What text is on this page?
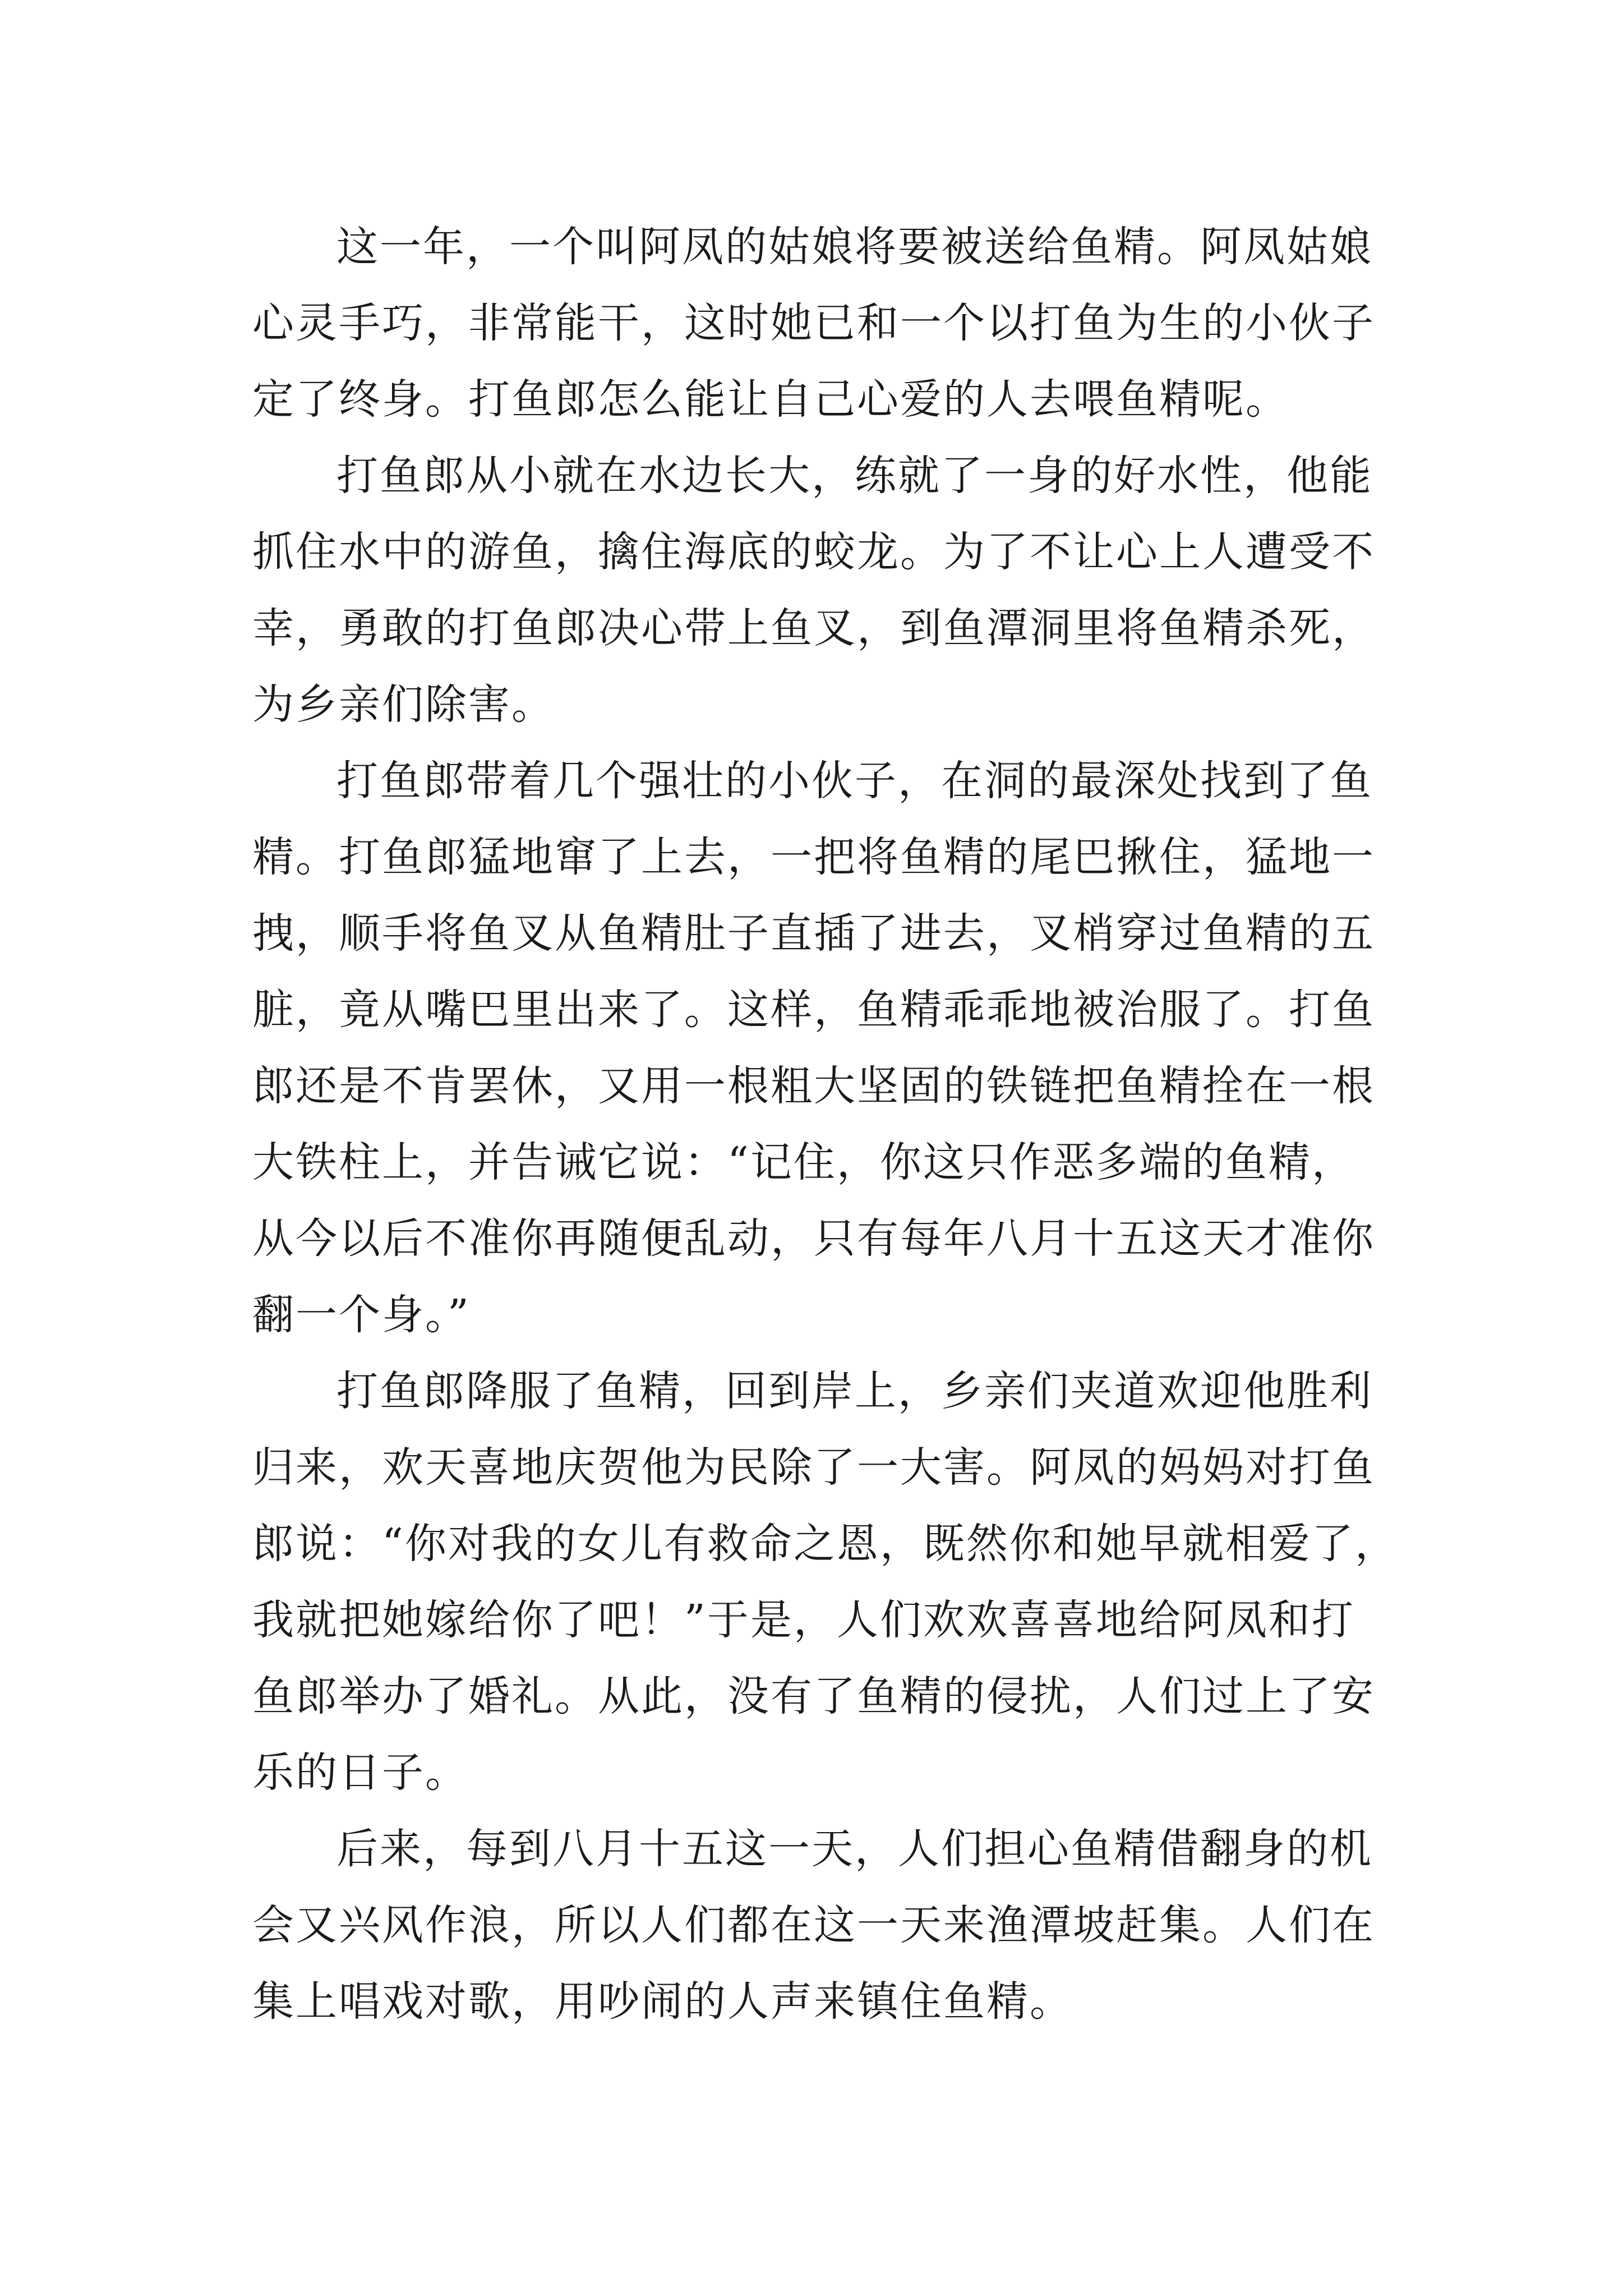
这一年，一个叫阿凤的姑娘将要被送给鱼精。阿凤姑娘
心灵手巧，非常能干，这时她已和一个以打鱼为生的小伙子
定了终身。打鱼郎怎么能让自己心爱的人去喂鱼精呢。

打鱼郎从小就在水边长大，练就了一身的好水性，他能
抓住水中的游鱼，擒住海底的蛟龙。为了不让心上人遭受不
幸，勇敢的打鱼郎决心带上鱼叉，到鱼潭洞里将鱼精杀死，
为乡亲们除害。

打鱼郎带着几个强壮的小伙子，在洞的最深处找到了鱼
精。打鱼郎猛地窜了上去，一把将鱼精的尾巴揪住，猛地一
拽，顺手将鱼叉从鱼精肚子直插了进去，叉梢穿过鱼精的五
脏，竟从嘴巴里出来了。这样，鱼精乖乖地被治服了。打鱼
郎还是不肯罢休，又用一根粗大坚固的铁链把鱼精拴在一根
大铁柱上，并告诫它说：“记住，你这只作恶多端的鱼精，
从今以后不准你再随便乱动，只有每年八月十五这天才准你
翻一个身。”

打鱼郎降服了鱼精，回到岸上，乡亲们夹道欢迎他胜利
归来，欢天喜地庆贺他为民除了一大害。阿凤的妈妈对打鱼
郎说：“你对我的女儿有救命之恩，既然你和她早就相爱了，
我就把她嫁给你了吧！”于是，人们欢欢喜喜地给阿凤和打
鱼郎举办了婚礼。从此，没有了鱼精的侵扰，人们过上了安
乐的日子。

后来，每到八月十五这一天，人们担心鱼精借翻身的机
会又兴风作浪，所以人们都在这一天来渔潭坡赶集。人们在
集上唱戏对歌，用吵闹的人声来镇住鱼精。
